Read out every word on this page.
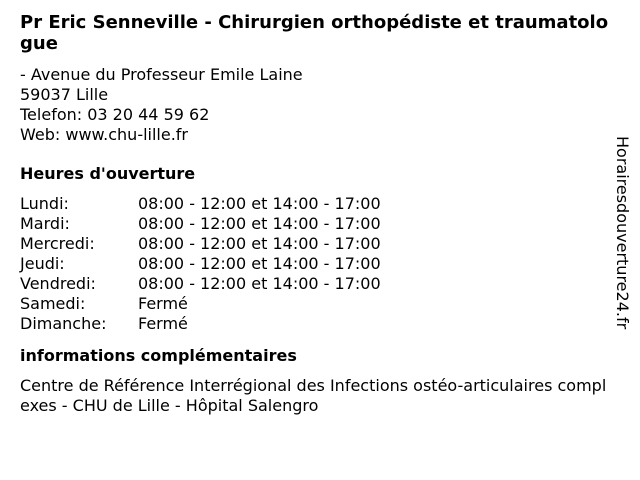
Pr Eric Senneville - Chirurgien orthopédiste et traumatologue
- Avenue du Professeur Emile Laine
59037 Lille
Telefon: 03 20 44 59 62
Web: www.chu-lille.fr
Heures d'ouverture
Lundi:	08:00 - 12:00 et 14:00 - 17:00
Mardi:	08:00 - 12:00 et 14:00 - 17:00
Mercredi:	08:00 - 12:00 et 14:00 - 17:00
Jeudi:	08:00 - 12:00 et 14:00 - 17:00
Vendredi:	08:00 - 12:00 et 14:00 - 17:00
Samedi:	Fermé
Dimanche:	Fermé
informations complémentaires
Centre de Référence Interrégional des Infections ostéo-articulaires complexes - CHU de Lille - Hôpital Salengro
Horairesdouverture24.fr
